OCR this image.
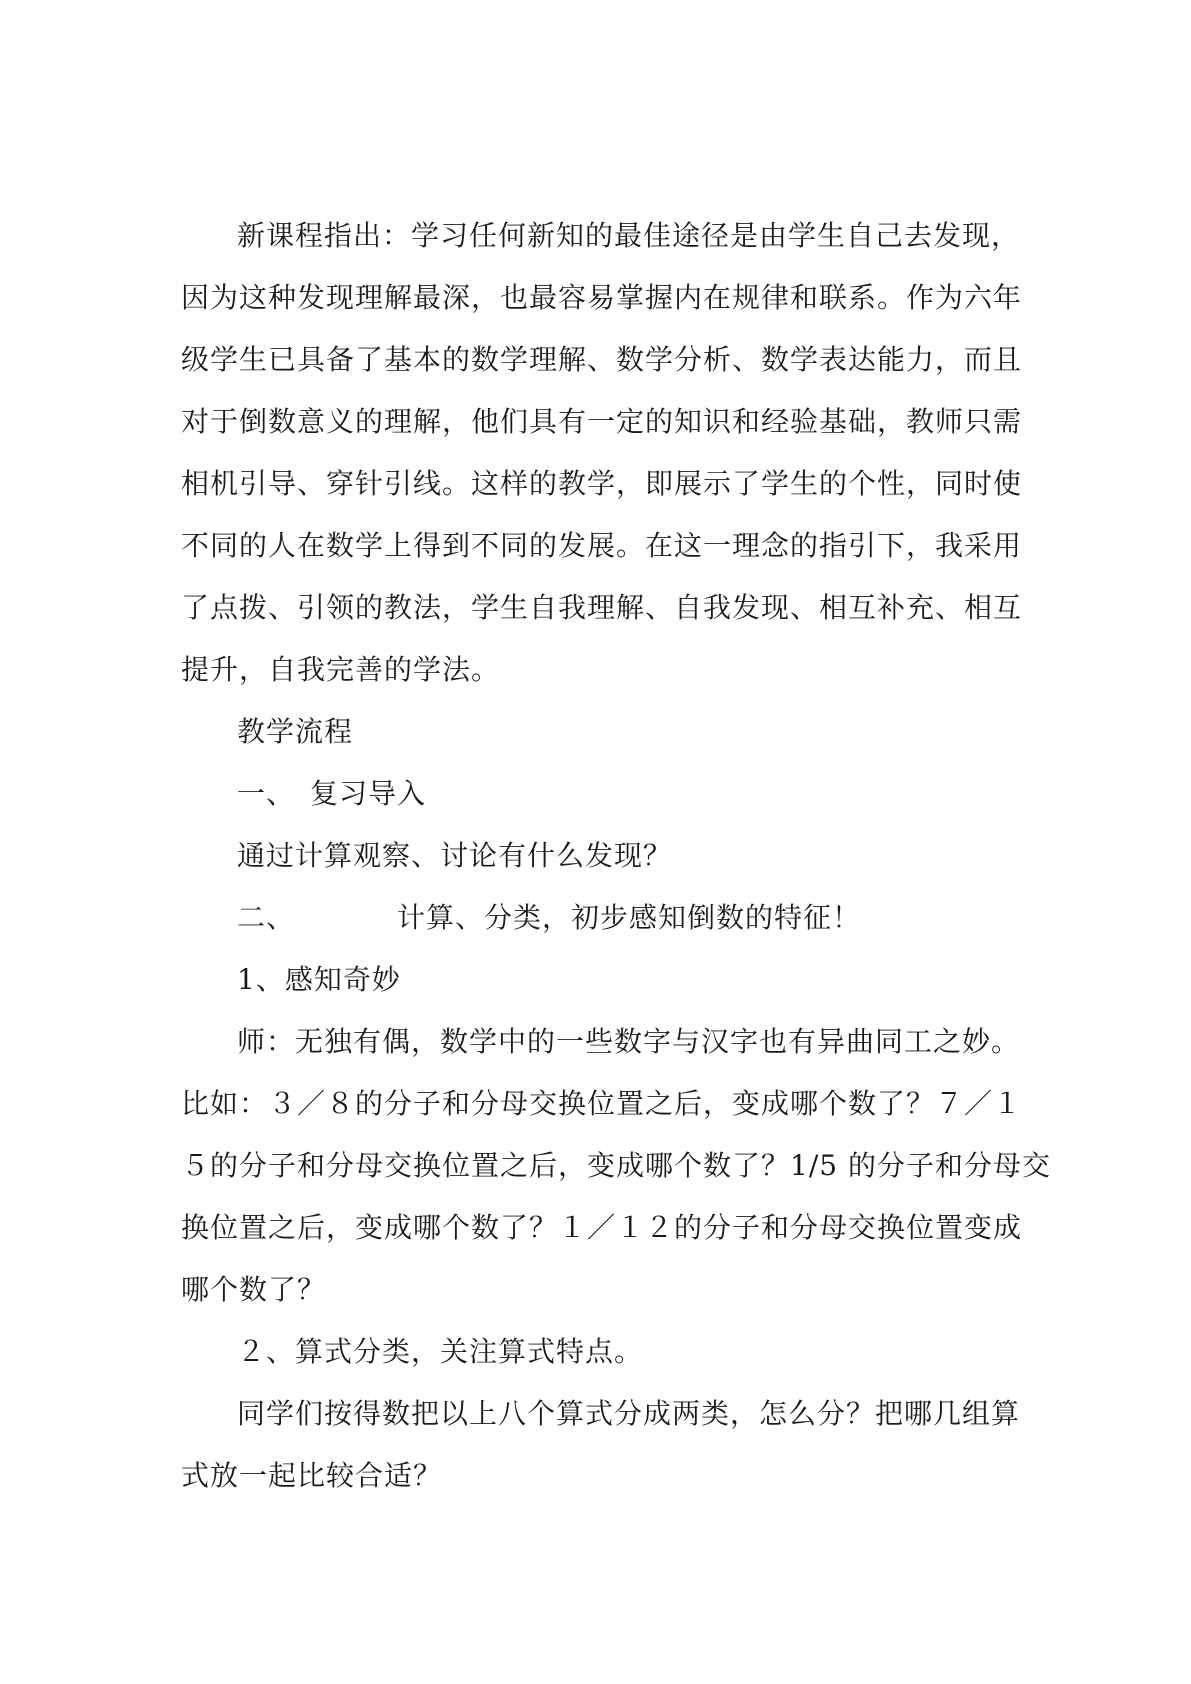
新课程指出：学习任何新知的最佳途径是由学生自己去发现，
因为这种发现理解最深，也最容易掌握内在规律和联系。作为六年
级学生已具备了基本的数学理解、数学分析、数学表达能力，而且
对于倒数意义的理解，他们具有一定的知识和经验基础，教师只需
相机引导、穿针引线。这样的教学，即展示了学生的个性，同时使
不同的人在数学上得到不同的发展。在这一理念的指引下，我采用
了点拨、引领的教法，学生自我理解、自我发现、相互补充、相互
提升，自我完善的学法。
教学流程
一、　复习导入
通过计算观察、讨论有什么发现？
二、　　　　计算、分类，初步感知倒数的特征！
1、感知奇妙
师：无独有偶，数学中的一些数字与汉字也有异曲同工之妙。
比如：３／８的分子和分母交换位置之后，变成哪个数了？７／１
５的分子和分母交换位置之后，变成哪个数了？1/5 的分子和分母交
换位置之后，变成哪个数了？１／１２的分子和分母交换位置变成
哪个数了？
２、算式分类，关注算式特点。
同学们按得数把以上八个算式分成两类，怎么分？把哪几组算
式放一起比较合适？
